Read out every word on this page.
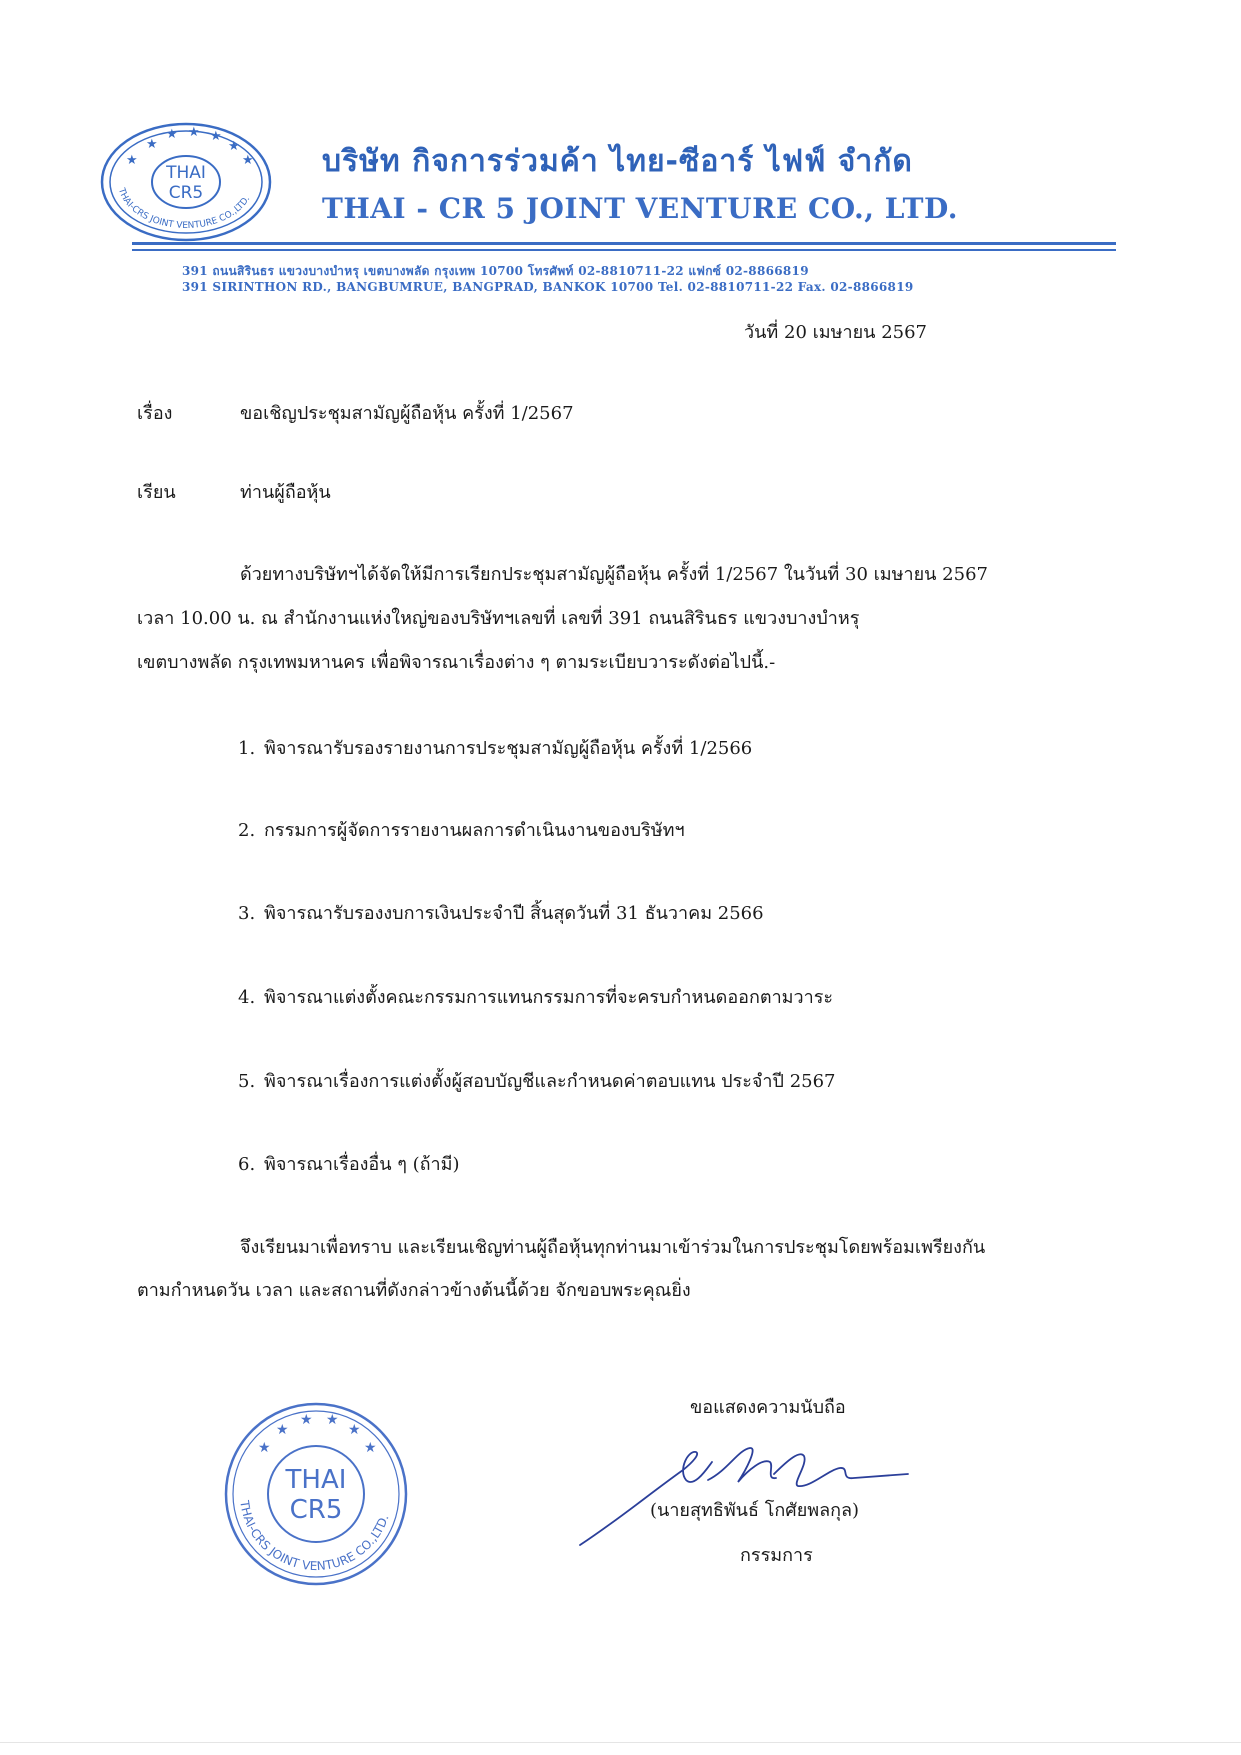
★
★ ★ ★
★
★	★
THAI
CR5
THAI-CRS JOINT VENTURE CO.,LTD.
บริษัท กิจการร่วมค้า ไทย-ซีอาร์ ไฟฟ์ จำกัด
THAI - CR 5 JOINT VENTURE CO., LTD.
391 ถนนสิรินธร แขวงบางบำหรุ เขตบางพลัด กรุงเทพ 10700 โทรศัพท์ 02-8810711-22 แฟกซ์ 02-8866819
391 SIRINTHON RD., BANGBUMRUE, BANGPRAD, BANKOK 10700 Tel. 02-8810711-22 Fax. 02-8866819
วันที่ 20 เมษายน 2567
เรื่อง	ขอเชิญประชุมสามัญผู้ถือหุ้น ครั้งที่ 1/2567
เรียน	ท่านผู้ถือหุ้น
ด้วยทางบริษัทฯได้จัดให้มีการเรียกประชุมสามัญผู้ถือหุ้น ครั้งที่ 1/2567 ในวันที่ 30 เมษายน 2567
เวลา 10.00 น. ณ สำนักงานแห่งใหญ่ของบริษัทฯเลขที่ เลขที่ 391 ถนนสิรินธร แขวงบางบำหรุ
เขตบางพลัด กรุงเทพมหานคร เพื่อพิจารณาเรื่องต่าง ๆ ตามระเบียบวาระดังต่อไปนี้.-
1. พิจารณารับรองรายงานการประชุมสามัญผู้ถือหุ้น ครั้งที่ 1/2566
2. กรรมการผู้จัดการรายงานผลการดำเนินงานของบริษัทฯ
3. พิจารณารับรองงบการเงินประจำปี สิ้นสุดวันที่ 31 ธันวาคม 2566
4. พิจารณาแต่งตั้งคณะกรรมการแทนกรรมการที่จะครบกำหนดออกตามวาระ
5. พิจารณาเรื่องการแต่งตั้งผู้สอบบัญชีและกำหนดค่าตอบแทน ประจำปี 2567
6. พิจารณาเรื่องอื่น ๆ (ถ้ามี)
จึงเรียนมาเพื่อทราบ และเรียนเชิญท่านผู้ถือหุ้นทุกท่านมาเข้าร่วมในการประชุมโดยพร้อมเพรียงกัน
ตามกำหนดวัน เวลา และสถานที่ดังกล่าวข้างต้นนี้ด้วย จักขอบพระคุณยิ่ง
ขอแสดงความนับถือ
(นายสุทธิพันธ์ โกศัยพลกุล)
กรรมการ
★
★ ★
★
★	★
THAI
CR5
THAI-CRS JOINT VENTURE CO.,LTD.
